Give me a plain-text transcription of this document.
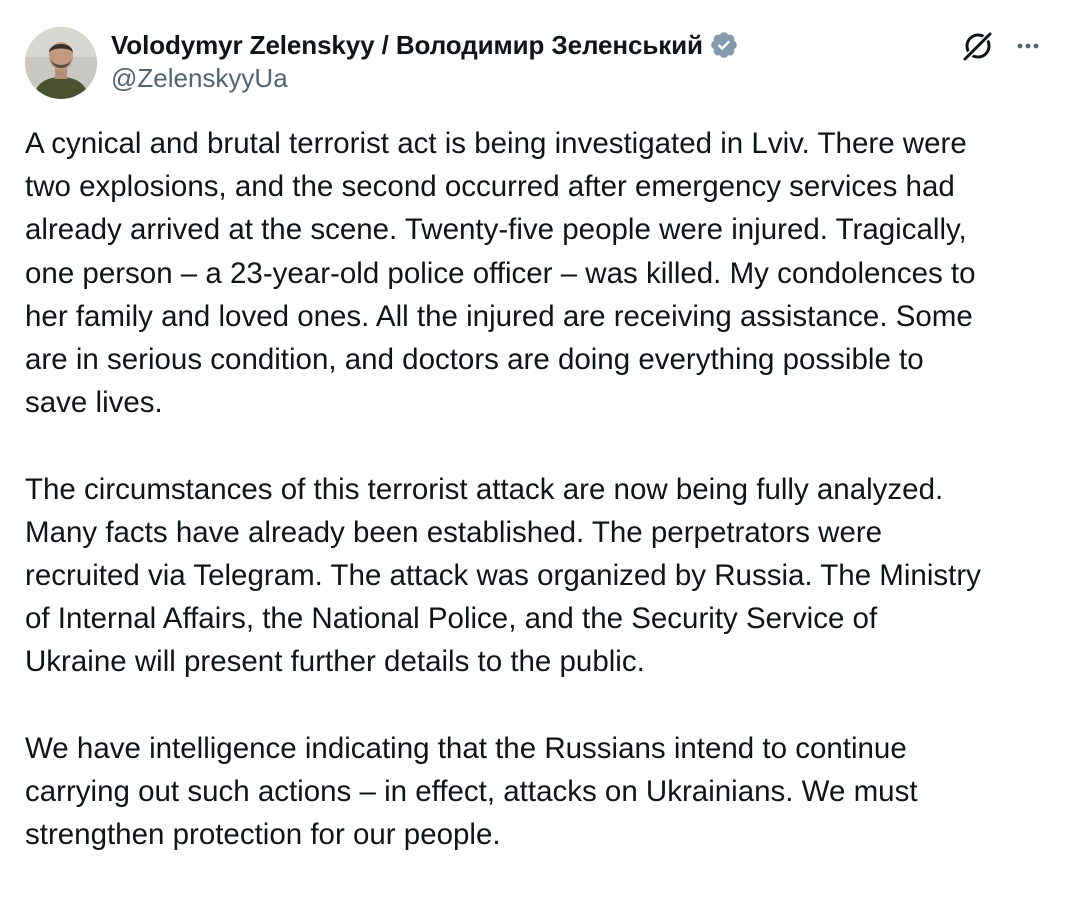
Volodymyr Zelenskyy / Володимир Зеленський
@ZelenskyyUa

A cynical and brutal terrorist act is being investigated in Lviv. There were
two explosions, and the second occurred after emergency services had
already arrived at the scene. Twenty-five people were injured. Tragically,
one person – a 23-year-old police officer – was killed. My condolences to
her family and loved ones. All the injured are receiving assistance. Some
are in serious condition, and doctors are doing everything possible to
save lives.

The circumstances of this terrorist attack are now being fully analyzed.
Many facts have already been established. The perpetrators were
recruited via Telegram. The attack was organized by Russia. The Ministry
of Internal Affairs, the National Police, and the Security Service of
Ukraine will present further details to the public.

We have intelligence indicating that the Russians intend to continue
carrying out such actions – in effect, attacks on Ukrainians. We must
strengthen protection for our people.
